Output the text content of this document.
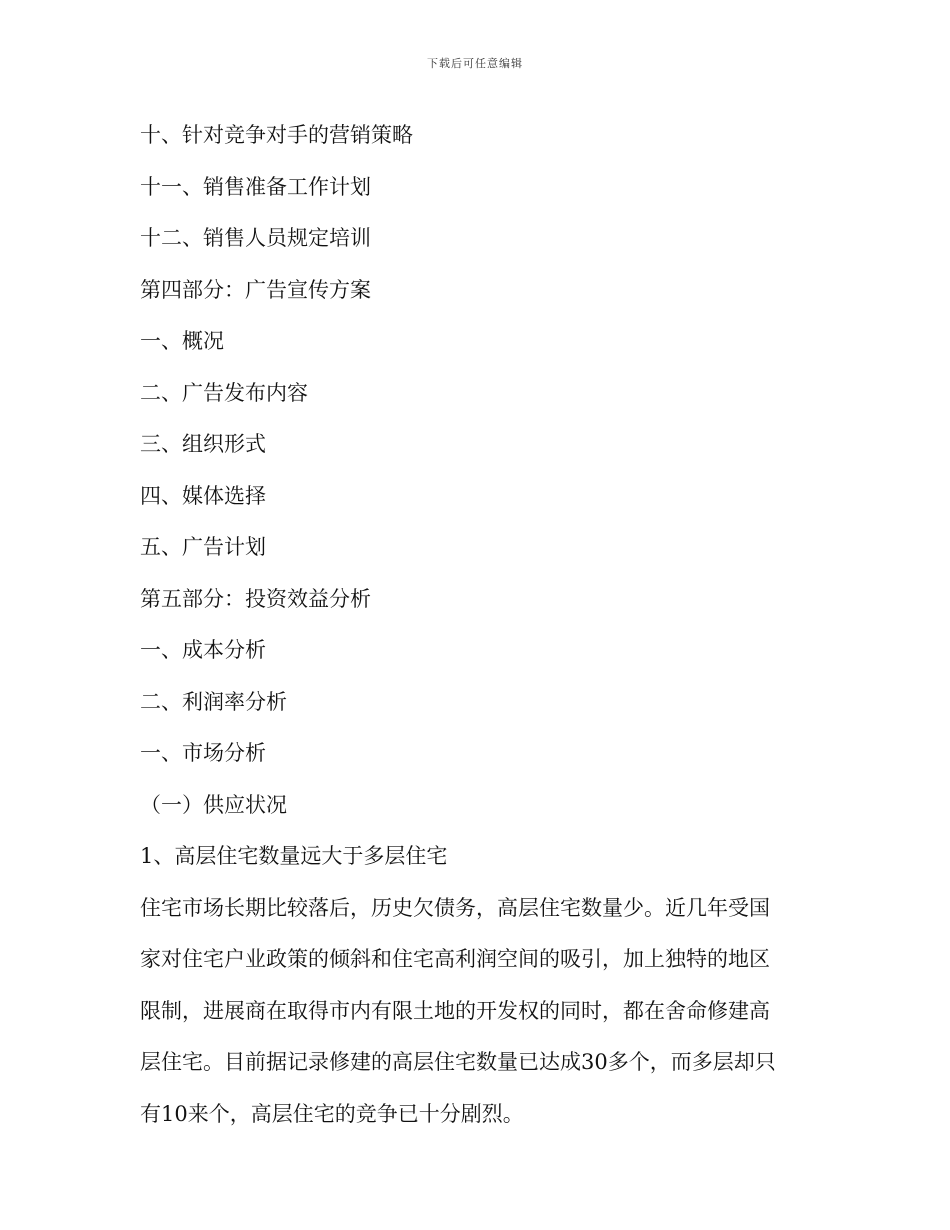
下载后可任意编辑

十、针对竞争对手的营销策略

十一、销售准备工作计划

十二、销售人员规定培训

第四部分：广告宣传方案

一、概况

二、广告发布内容

三、组织形式

四、媒体选择

五、广告计划

第五部分：投资效益分析

一、成本分析

二、利润率分析

一、市场分析

（一）供应状况

1、高层住宅数量远大于多层住宅

住宅市场长期比较落后，历史欠债务，高层住宅数量少。近几年受国

家对住宅户业政策的倾斜和住宅高利润空间的吸引，加上独特的地区

限制，进展商在取得市内有限土地的开发权的同时，都在舍命修建高

层住宅。目前据记录修建的高层住宅数量已达成30多个，而多层却只

有10来个，高层住宅的竞争已十分剧烈。
